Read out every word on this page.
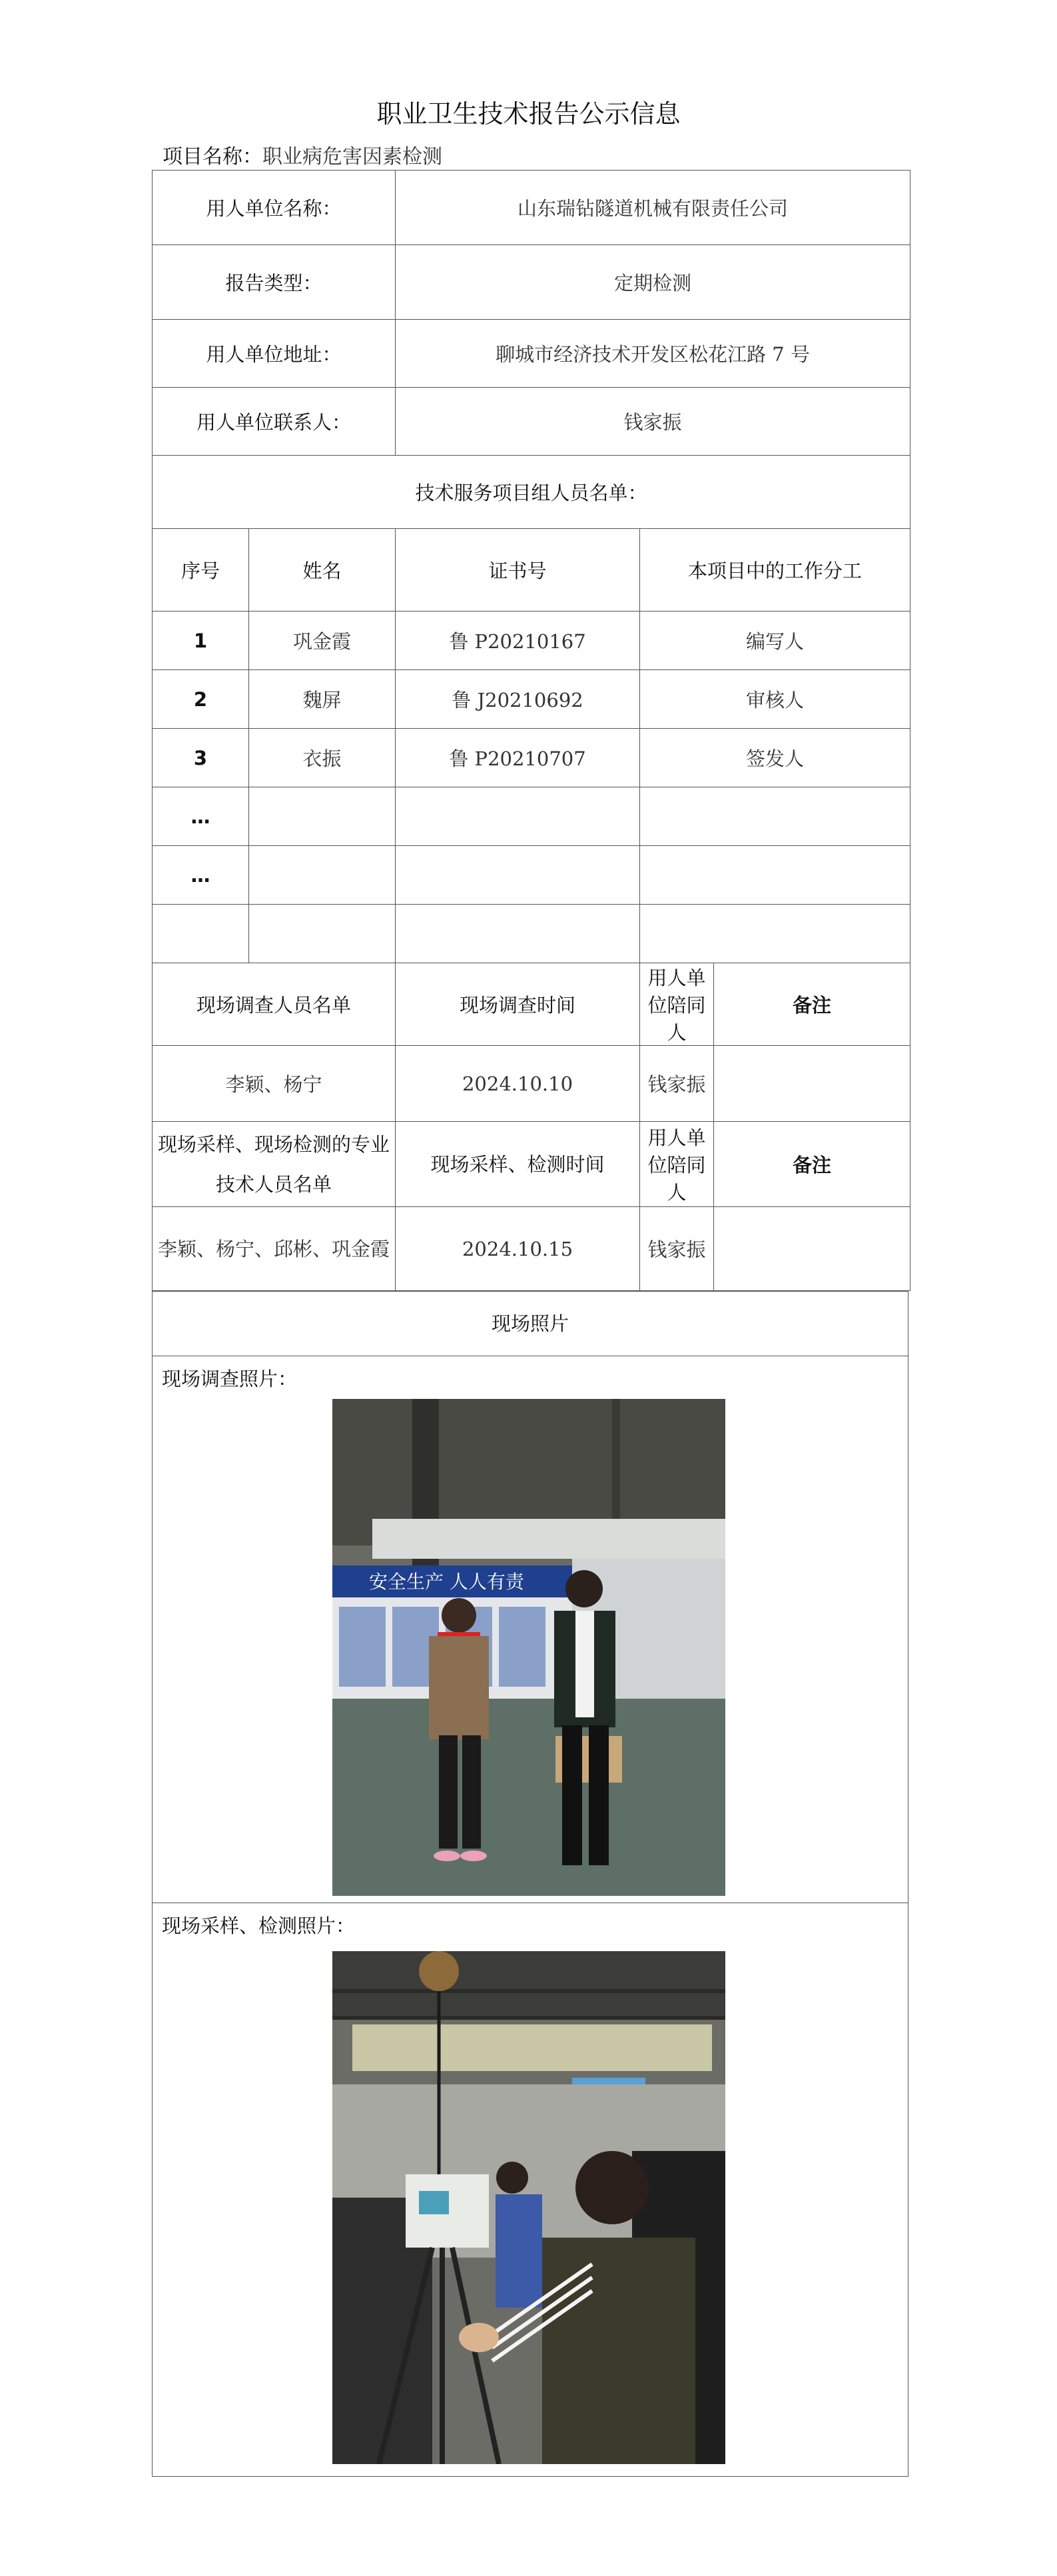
职业卫生技术报告公示信息
项目名称：职业病危害因素检测
用人单位名称：		山东瑞钻隧道机械有限责任公司		
报告类型：		定期检测		
用人单位地址：		聊城市经济技术开发区松花江路 7 号		
用人单位联系人：		钱家振		
技术服务项目组人员名单：				
序号	姓名	证书号	本项目中的工作分工	
1	巩金霞	鲁 P20210167	编写人	
2	魏屏	鲁 J20210692	审核人	
3	衣振	鲁 P20210707	签发人	
…				
…				

现场调查人员名单		现场调查时间	用人单位陪同人	备注
李颖、杨宁		2024.10.10	钱家振	
现场采样、现场检测的专业技术人员名单		现场采样、检测时间	用人单位陪同人	备注
李颖、杨宁、邱彬、巩金霞		2024.10.15	钱家振	
现场照片
现场调查照片：
安全生产 人人有责
现场采样、检测照片：
